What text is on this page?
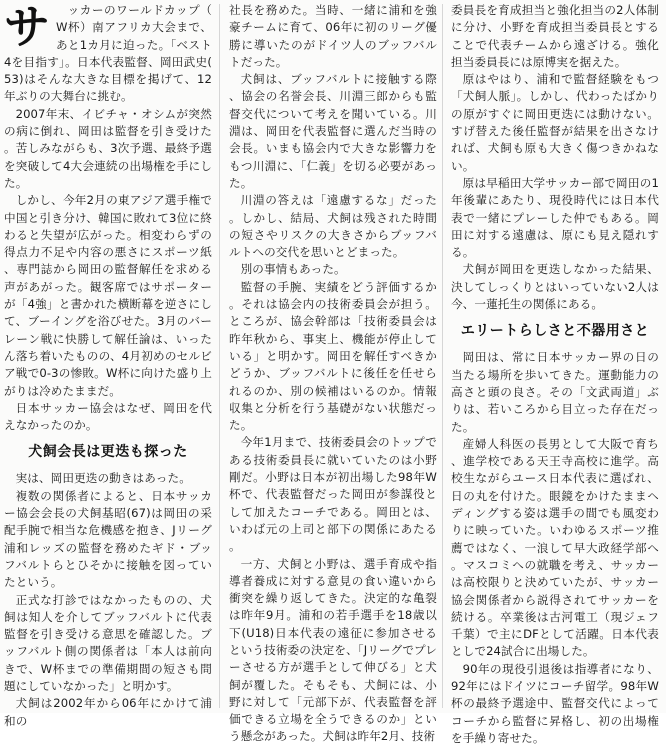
サ	ッカーのワールドカップ（W杯）南アフリカ大会まで、あと1カ月に迫った。「ベスト4を目指す」。日本代表監督、岡田武史(53)はそんな大きな目標を掲げて、12年ぶりの大舞台に挑む。

2007年末、イビチャ・オシムが突然の病に倒れ、岡田は監督を引き受けた。苦しみながらも、3次予選、最終予選を突破して4大会連続の出場権を手にした。

しかし、今年2月の東アジア選手権で中国と引き分け、韓国に敗れて3位に終わると失望が広がった。相変わらずの得点力不足や内容の悪さにスポーツ紙、専門誌から岡田の監督解任を求める声があがった。観客席ではサポーターが「4強」と書かれた横断幕を逆さにして、ブーイングを浴びせた。3月のバーレーン戦に快勝して解任論は、いったん落ち着いたものの、4月初めのセルビア戦で0-3の惨敗。W杯に向けた盛り上がりは冷めたままだ。

日本サッカー協会はなぜ、岡田を代えなかったのか。

犬飼会長は更迭も探った

実は、岡田更迭の動きはあった。

複数の関係者によると、日本サッカー協会会長の犬飼基昭(67)は岡田の采配手腕で相当な危機感を抱き、Jリーグ浦和レッズの監督を務めたギド・ブッフバルトらとひそかに接触を図っていたという。

正式な打診ではなかったものの、犬飼は知人を介してブッフバルトに代表監督を引き受ける意思を確認した。ブッフバルト側の関係者は「本人は前向きで、W杯までの準備期間の短さも問題にしていなかった」と明かす。

犬飼は2002年から06年にかけて浦和の

社長を務めた。当時、一緒に浦和を強豪チームに育て、06年に初のリーグ優勝に導いたのがドイツ人のブッフバルトだった。

犬飼は、ブッフバルトに接触する際、協会の名誉会長、川淵三郎からも監督交代について考えを聞いている。川淵は、岡田を代表監督に選んだ当時の会長。いまも協会内で大きな影響力をもつ川淵に、「仁義」を切る必要があった。

川淵の答えは「遠慮するな」だった。しかし、結局、犬飼は残された時間の短さやリスクの大きさからブッフバルトへの交代を思いとどまった。

別の事情もあった。

監督の手腕、実績をどう評価するか。それは協会内の技術委員会が担う。ところが、協会幹部は「技術委員会は昨年秋から、事実上、機能が停止している」と明かす。岡田を解任すべきかどうか、ブッフバルトに後任を任せられるのか、別の候補はいるのか。情報収集と分析を行う基礎がない状態だった。

今年1月まで、技術委員会のトップである技術委員長に就いていたのは小野剛だ。小野は日本が初出場した98年W杯で、代表監督だった岡田が参謀役として加えたコーチである。岡田とは、いわば元の上司と部下の関係にあたる。

一方、犬飼と小野は、選手育成や指導者養成に対する意見の食い違いから衝突を繰り返してきた。決定的な亀裂は昨年9月。浦和の若手選手を18歳以下(U18)日本代表の遠征に参加させるという技術委の決定を、「Jリーグでプレーさせる方が選手として伸びる」と犬飼が覆した。そもそも、犬飼には、小野に対して「元部下が、代表監督を評価できる立場を全うできるのか」という懸念があった。犬飼は昨年2月、技術

委員長を育成担当と強化担当の2人体制に分け、小野を育成担当委員長とすることで代表チームから遠ざける。強化担当委員長には原博実を据えた。

原はやはり、浦和で監督経験をもつ「犬飼人脈」。しかし、代わったばかりの原がすぐに岡田更迭には動けない。すげ替えた後任監督が結果を出さなければ、犬飼も原も大きく傷つきかねない。

原は早稲田大学サッカー部で岡田の1年後輩にあたり、現役時代には日本代表で一緒にプレーした仲でもある。岡田に対する遠慮は、原にも見え隠れする。

犬飼が岡田を更迭しなかった結果、決してしっくりとはいっていない2人は今、一蓮托生の関係にある。

エリートらしさと不器用さと

岡田は、常に日本サッカー界の日の当たる場所を歩いてきた。運動能力の高さと頭の良さ。その「文武両道」ぶりは、若いころから目立った存在だった。

産婦人科医の長男として大阪で育ち、進学校である天王寺高校に進学。高校生ながらユース日本代表に選ばれ、日の丸を付けた。眼鏡をかけたままヘディングする姿は選手の間でも風変わりに映っていた。いわゆるスポーツ推薦ではなく、一浪して早大政経学部へ。マスコミへの就職を考え、サッカーは高校限りと決めていたが、サッカー協会関係者から説得されてサッカーを続ける。卒業後は古河電工（現ジェフ千葉）で主にDFとして活躍。日本代表としで24試合に出場した。

90年の現役引退後は指導者になり、92年にはドイツにコーチ留学。98年W杯の最終予選途中、監督交代によってコーチから監督に昇格し、初の出場権を手繰り寄せた。
